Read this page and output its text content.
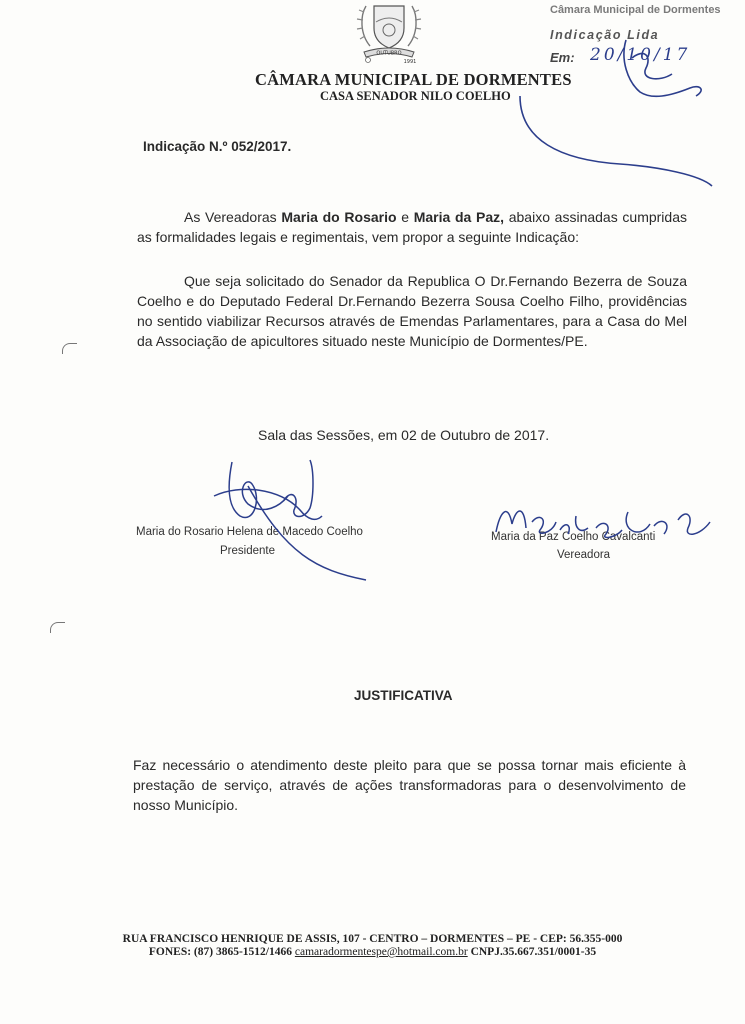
OUTUBRO
1991
CÂMARA MUNICIPAL DE DORMENTES
CASA SENADOR NILO COELHO
Câmara Municipal de Dormentes
Indicação Lida
Em: 20/10/17
Indicação N.º 052/2017.

As Vereadoras Maria do Rosario e Maria da Paz, abaixo assinadas cumpridas as formalidades legais e regimentais, vem propor a seguinte Indicação:

Que seja solicitado do Senador da Republica O Dr.Fernando Bezerra de Souza Coelho e do Deputado Federal Dr.Fernando Bezerra Sousa Coelho Filho, providências no sentido viabilizar Recursos através de Emendas Parlamentares, para a Casa do Mel da Associação de apicultores situado neste Município de Dormentes/PE.

Sala das Sessões, em 02 de Outubro de 2017.
Maria do Rosario Helena de Macedo Coelho
Presidente
Maria da Paz Coelho Cavalcanti
Vereadora
JUSTIFICATIVA

Faz necessário o atendimento deste pleito para que se possa tornar mais eficiente à prestação de serviço, através de ações transformadoras para o desenvolvimento de nosso Município.

RUA FRANCISCO HENRIQUE DE ASSIS, 107 - CENTRO – DORMENTES – PE - CEP: 56.355-000
FONES: (87) 3865-1512/1466 camaradormentespe@hotmail.com.br CNPJ.35.667.351/0001-35
